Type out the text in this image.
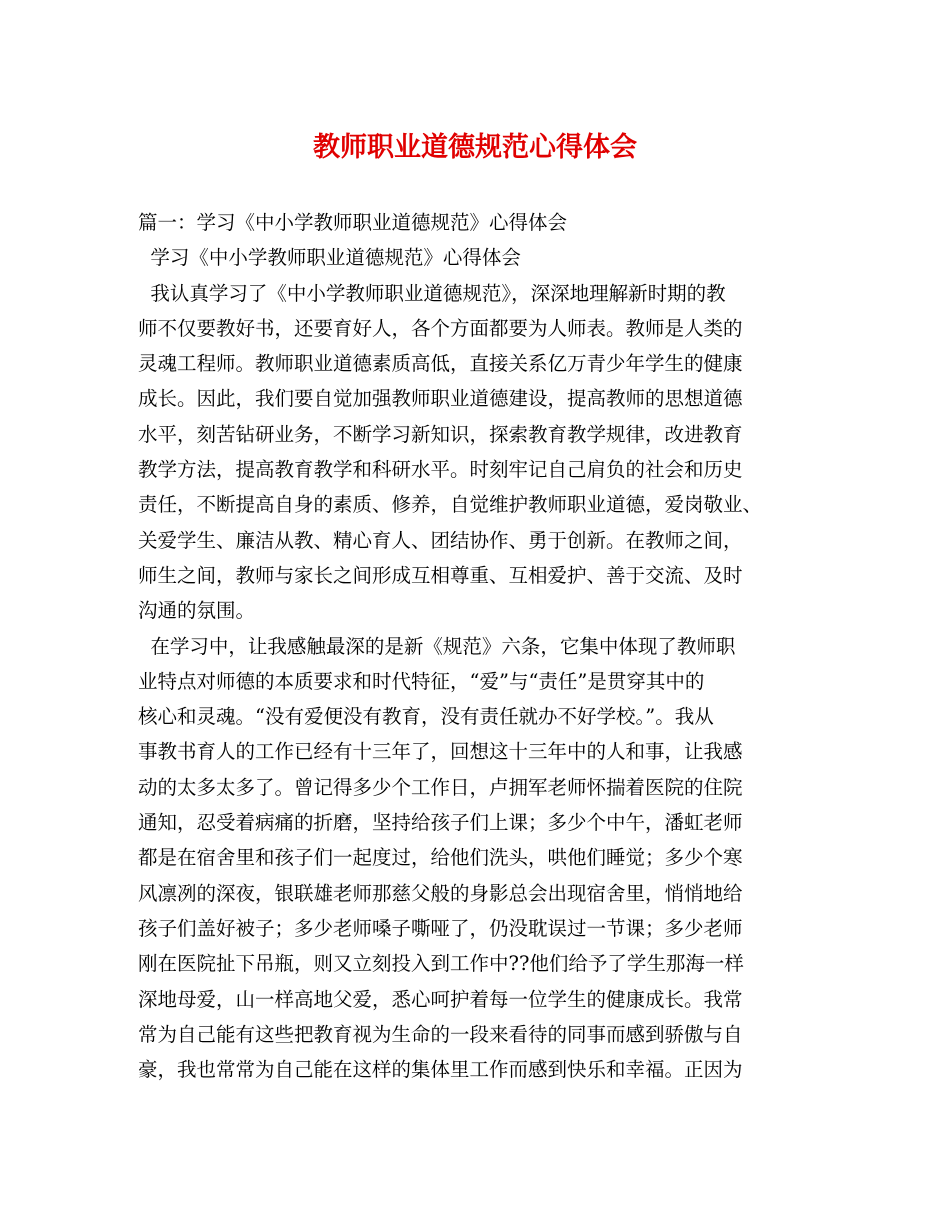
教师职业道德规范心得体会
篇一：学习《中小学教师职业道德规范》心得体会
学习《中小学教师职业道德规范》心得体会
我认真学习了《中小学教师职业道德规范》，深深地理解新时期的教
师不仅要教好书，还要育好人，各个方面都要为人师表。教师是人类的
灵魂工程师。教师职业道德素质高低，直接关系亿万青少年学生的健康
成长。因此，我们要自觉加强教师职业道德建设，提高教师的思想道德
水平，刻苦钻研业务，不断学习新知识，探索教育教学规律，改进教育
教学方法，提高教育教学和科研水平。时刻牢记自己肩负的社会和历史
责任，不断提高自身的素质、修养，自觉维护教师职业道德，爱岗敬业、
关爱学生、廉洁从教、精心育人、团结协作、勇于创新。在教师之间，
师生之间，教师与家长之间形成互相尊重、互相爱护、善于交流、及时
沟通的氛围。
在学习中，让我感触最深的是新《规范》六条，它集中体现了教师职
业特点对师德的本质要求和时代特征，“爱”与“责任”是贯穿其中的
核心和灵魂。“没有爱便没有教育，没有责任就办不好学校。”。我从
事教书育人的工作已经有十三年了，回想这十三年中的人和事，让我感
动的太多太多了。曾记得多少个工作日，卢拥军老师怀揣着医院的住院
通知，忍受着病痛的折磨，坚持给孩子们上课；多少个中午，潘虹老师
都是在宿舍里和孩子们一起度过，给他们洗头，哄他们睡觉；多少个寒
风凛冽的深夜，银联雄老师那慈父般的身影总会出现宿舍里，悄悄地给
孩子们盖好被子；多少老师嗓子嘶哑了，仍没耽误过一节课；多少老师
刚在医院扯下吊瓶，则又立刻投入到工作中??他们给予了学生那海一样
深地母爱，山一样高地父爱，悉心呵护着每一位学生的健康成长。我常
常为自己能有这些把教育视为生命的一段来看待的同事而感到骄傲与自
豪，我也常常为自己能在这样的集体里工作而感到快乐和幸福。正因为
